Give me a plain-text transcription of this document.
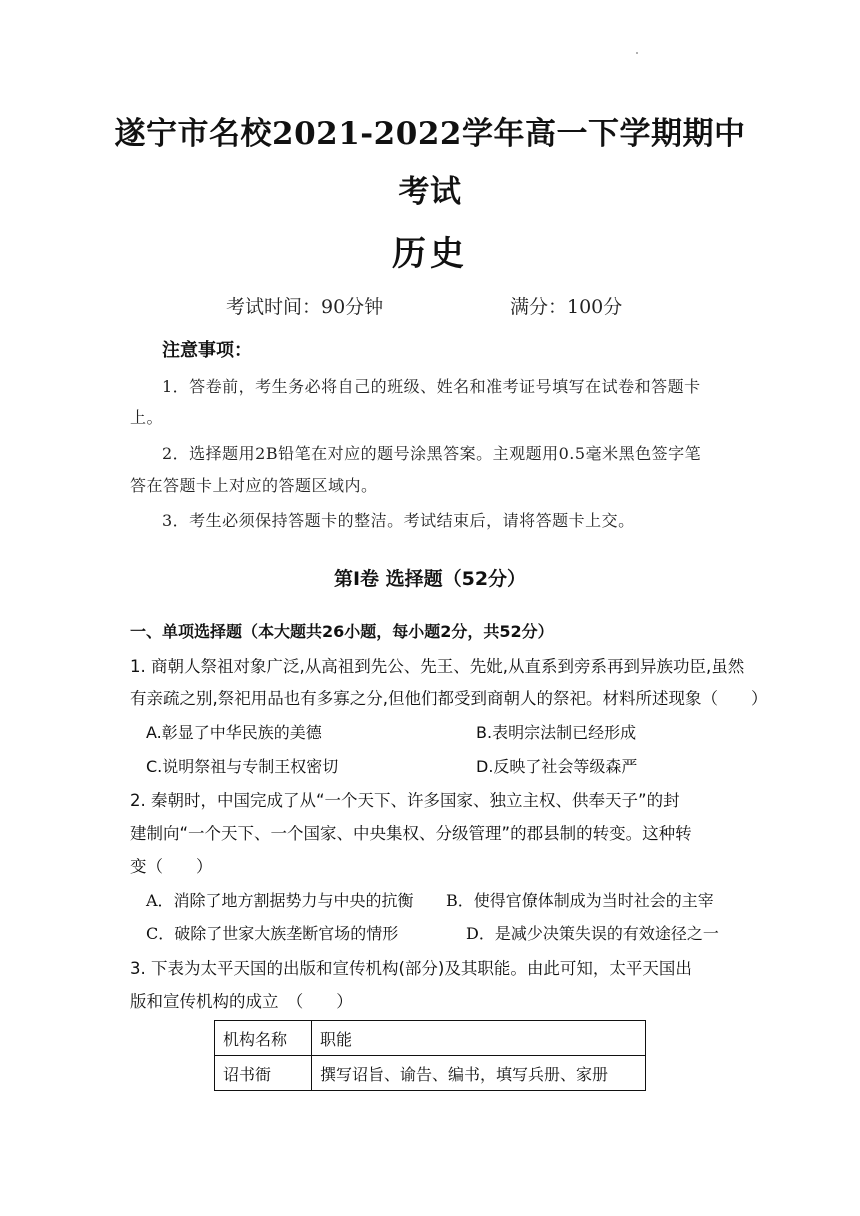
遂宁市名校2021-2022学年高一下学期期中
考试
历史
考试时间：90分钟	满分：100分
注意事项：
1．答卷前，考生务必将自己的班级、姓名和准考证号填写在试卷和答题卡
上。
2．选择题用2B铅笔在对应的题号涂黑答案。主观题用0.5毫米黑色签字笔
答在答题卡上对应的答题区域内。
3．考生必须保持答题卡的整洁。考试结束后，请将答题卡上交。
第Ⅰ卷 选择题（52分）
一、单项选择题（本大题共26小题，每小题2分，共52分）
1. 商朝人祭祖对象广泛,从高祖到先公、先王、先妣,从直系到旁系再到异族功臣,虽然
有亲疏之别,祭祀用品也有多寡之分,但他们都受到商朝人的祭祀。材料所述现象（　　）
A.彰显了中华民族的美德	B.表明宗法制已经形成
C.说明祭祖与专制王权密切	D.反映了社会等级森严
2. 秦朝时，中国完成了从“一个天下、许多国家、独立主权、供奉天子”的封
建制向“一个天下、一个国家、中央集权、分级管理”的郡县制的转变。这种转
变（　　）
A．消除了地方割据势力与中央的抗衡 B．使得官僚体制成为当时社会的主宰
C．破除了世家大族垄断官场的情形	D．是减少决策失误的有效途径之一
3. 下表为太平天国的出版和宣传机构(部分)及其职能。由此可知，太平天国出
版和宣传机构的成立　（　　）
机构名称	职能
诏书衙	撰写诏旨、谕告、编书，填写兵册、家册
